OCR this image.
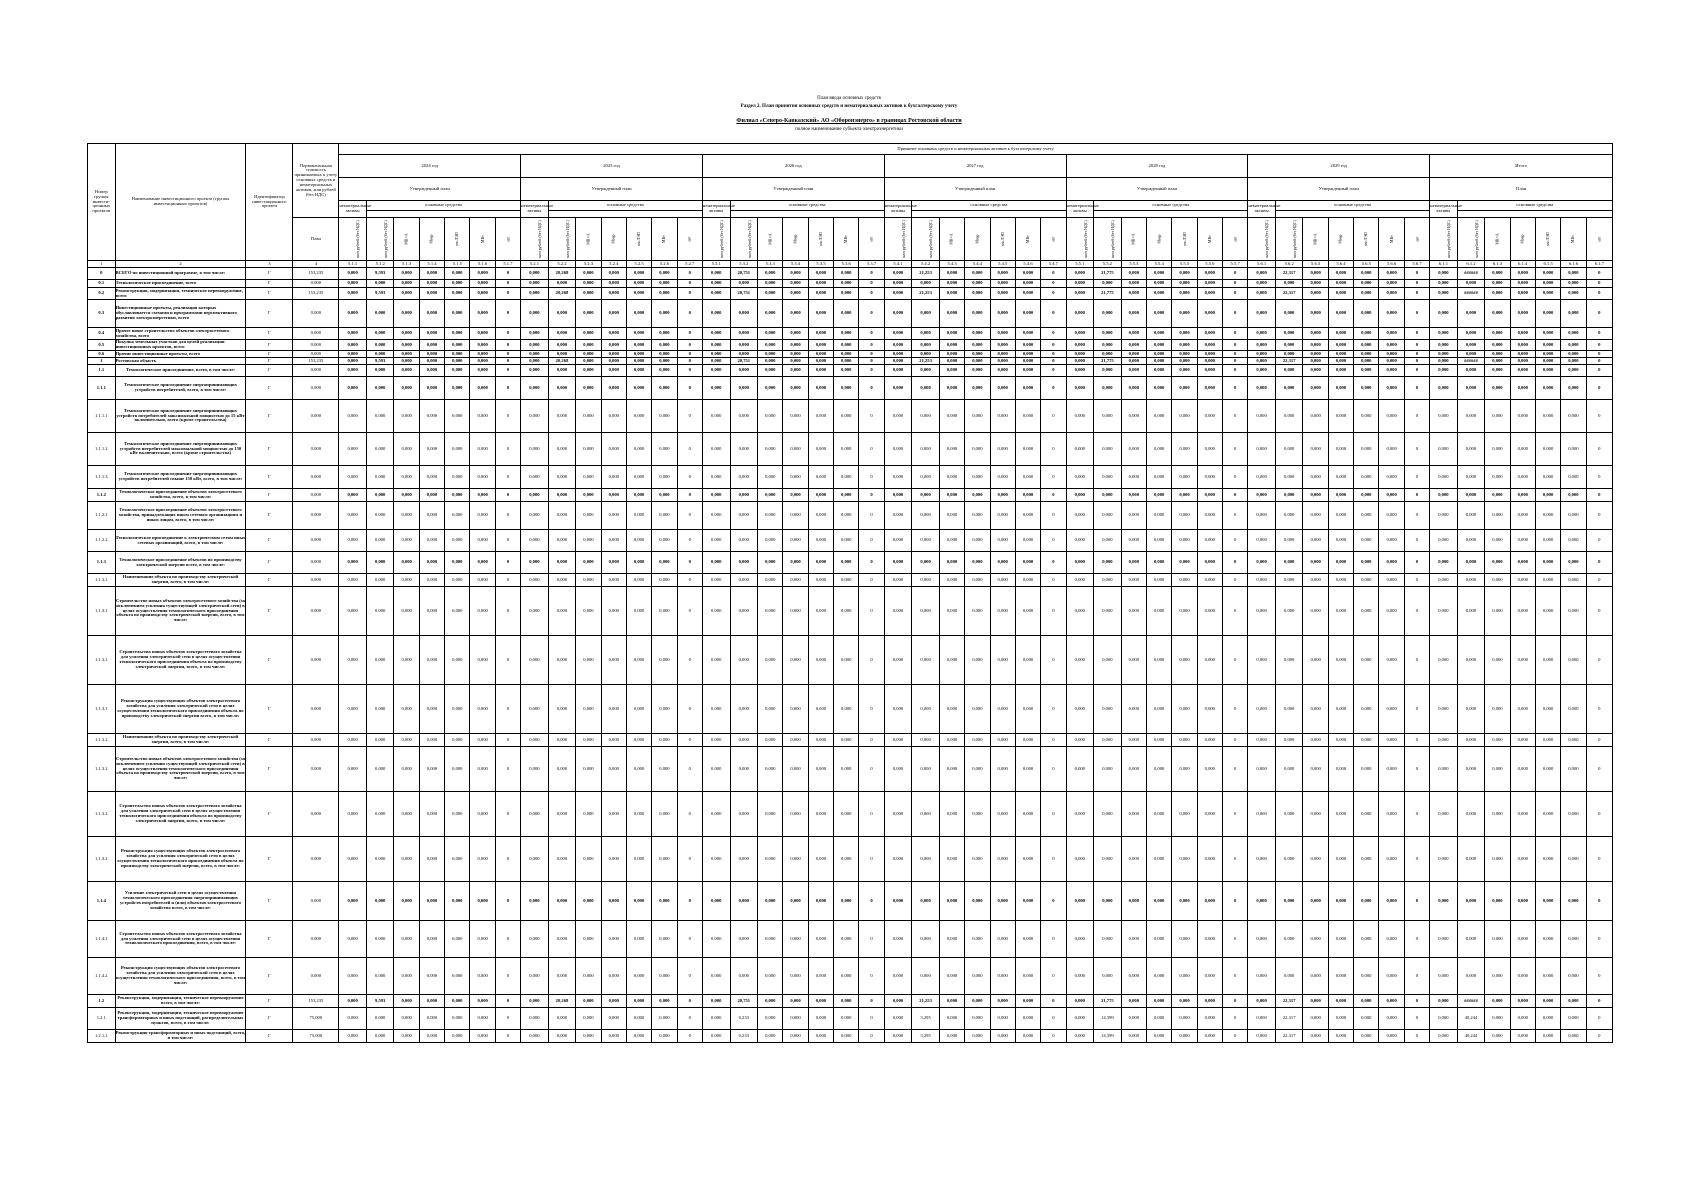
План ввода основных средств
Раздел 2. План принятия основных средств и нематериальных активов к бухгалтерскому учету
Филиал «Северо-Кавказский» АО «Оборонэнерго» в границах Ростовской области
полное наименование субъекта электроэнергетики
Номер группы инвести-ционных проектов	Наименование инвестиционного проекта (группы инвестиционных проектов)	Идентификатор инвестиционного проекта	Первоначальная стоимость принимаемых к учету основных средств и нематериальных активов, млн рублей (без НДС)	Принятие основных средств и нематериальных активов к бухгалтерскому учету																																																
				2024 год							2025 год							2026 год							2027 год							2028 год							2029 год							Итого						
				Утвержденный план							Утвержденный план							Утвержденный план							Утвержденный план							Утвержденный план							Утвержденный план							План						
				нематериальные активы	основные средства						нематериальные активы	основные средства						нематериальные активы	основные средства						нематериальные активы	основные средства						нематериальные активы	основные средства						нематериальные активы	основные средства						нематериальные активы	основные средства					

			План	млн рублей (без НДС)	млн рублей (без НДС)	МВ×А	Мвар	км ЛЭП	МВт	шт	млн рублей (без НДС)	млн рублей (без НДС)	МВ×А	Мвар	км ЛЭП	МВт	шт	млн рублей (без НДС)	млн рублей (без НДС)	МВ×А	Мвар	км ЛЭП	МВт	шт	млн рублей (без НДС)	млн рублей (без НДС)	МВ×А	Мвар	км ЛЭП	МВт	шт	млн рублей (без НДС)	млн рублей (без НДС)	МВ×А	Мвар	км ЛЭП	МВт	шт	млн рублей (без НДС)	млн рублей (без НДС)	МВ×А	Мвар	км ЛЭП	МВт	шт	млн рублей (без НДС)	млн рублей (без НДС)	МВ×А	Мвар	км ЛЭП	МВт	шт
1	2	3	4	5.1.1	5.1.2	5.1.3	5.1.4	5.1.5	5.1.6	5.1.7	5.2.1	5.2.2	5.2.3	5.2.4	5.2.5	5.2.6	5.2.7	5.3.1	5.3.2	5.3.3	5.3.4	5.3.5	5.3.6	5.3.7	5.4.1	5.4.2	5.4.3	5.4.4	5.4.5	5.4.6	5.4.7	5.5.1	5.5.2	5.5.3	5.5.4	5.5.5	5.5.6	5.5.7	5.6.1	5.6.2	5.6.3	5.6.4	5.6.5	5.6.6	5.6.7	6.1.1	6.1.2	6.1.3	6.1.4	6.1.5	6.1.6	6.1.7
0	ВСЕГО по инвестиционной программе, в том числе:	Г	153,235	0,000	9,593	0,000	0,000	0,000	0,000	0	0,000	20,268	0,000	0,000	0,000	0,000	0	0,000	20,751	0,000	0,000	0,000	0,000	0	0,000	21,253	0,000	0,000	0,000	0,000	0	0,000	21,775	0,000	0,000	0,000	0,000	0	0,000	22,317	0,000	0,000	0,000	0,000	0	0,000	######	0,000	0,000	0,000	0,000	0
0.1	Технологическое присоединение, всего	Г	0,000	0,000	0,000	0,000	0,000	0,000	0,000	0	0,000	0,000	0,000	0,000	0,000	0,000	0	0,000	0,000	0,000	0,000	0,000	0,000	0	0,000	0,000	0,000	0,000	0,000	0,000	0	0,000	0,000	0,000	0,000	0,000	0,000	0	0,000	0,000	0,000	0,000	0,000	0,000	0	0,000	0,000	0,000	0,000	0,000	0,000	0
0.2	Реконструкция, модернизация, техническое перевооружение, всего	Г	153,235	0,000	9,593	0,000	0,000	0,000	0,000	0	0,000	20,268	0,000	0,000	0,000	0,000	0	0,000	20,751	0,000	0,000	0,000	0,000	0	0,000	21,253	0,000	0,000	0,000	0,000	0	0,000	21,775	0,000	0,000	0,000	0,000	0	0,000	22,317	0,000	0,000	0,000	0,000	0	0,000	######	0,000	0,000	0,000	0,000	0
0.3	Инвестиционные проекты, реализация которых обуславливается схемами и программами перспективного развития электроэнергетики, всего	Г	0,000	0,000	0,000	0,000	0,000	0,000	0,000	0	0,000	0,000	0,000	0,000	0,000	0,000	0	0,000	0,000	0,000	0,000	0,000	0,000	0	0,000	0,000	0,000	0,000	0,000	0,000	0	0,000	0,000	0,000	0,000	0,000	0,000	0	0,000	0,000	0,000	0,000	0,000	0,000	0	0,000	0,000	0,000	0,000	0,000	0,000	0
0.4	Прочее новое строительство объектов электросетевого хозяйства, всего	Г	0,000	0,000	0,000	0,000	0,000	0,000	0,000	0	0,000	0,000	0,000	0,000	0,000	0,000	0	0,000	0,000	0,000	0,000	0,000	0,000	0	0,000	0,000	0,000	0,000	0,000	0,000	0	0,000	0,000	0,000	0,000	0,000	0,000	0	0,000	0,000	0,000	0,000	0,000	0,000	0	0,000	0,000	0,000	0,000	0,000	0,000	0
0.5	Покупка земельных участков для целей реализации инвестиционных проектов, всего	Г	0,000	0,000	0,000	0,000	0,000	0,000	0,000	0	0,000	0,000	0,000	0,000	0,000	0,000	0	0,000	0,000	0,000	0,000	0,000	0,000	0	0,000	0,000	0,000	0,000	0,000	0,000	0	0,000	0,000	0,000	0,000	0,000	0,000	0	0,000	0,000	0,000	0,000	0,000	0,000	0	0,000	0,000	0,000	0,000	0,000	0,000	0
0.6	Прочие инвестиционные проекты, всего	Г	0,000	0,000	0,000	0,000	0,000	0,000	0,000	0	0,000	0,000	0,000	0,000	0,000	0,000	0	0,000	0,000	0,000	0,000	0,000	0,000	0	0,000	0,000	0,000	0,000	0,000	0,000	0	0,000	0,000	0,000	0,000	0,000	0,000	0	0,000	0,000	0,000	0,000	0,000	0,000	0	0,000	0,000	0,000	0,000	0,000	0,000	0
1	Ростовская область	Г	153,235	0,000	9,593	0,000	0,000	0,000	0,000	0	0,000	20,268	0,000	0,000	0,000	0,000	0	0,000	20,751	0,000	0,000	0,000	0,000	0	0,000	21,253	0,000	0,000	0,000	0,000	0	0,000	21,775	0,000	0,000	0,000	0,000	0	0,000	22,317	0,000	0,000	0,000	0,000	0	0,000	######	0,000	0,000	0,000	0,000	0
1.1	Технологическое присоединение, всего, в том числе:	Г	0,000	0,000	0,000	0,000	0,000	0,000	0,000	0	0,000	0,000	0,000	0,000	0,000	0,000	0	0,000	0,000	0,000	0,000	0,000	0,000	0	0,000	0,000	0,000	0,000	0,000	0,000	0	0,000	0,000	0,000	0,000	0,000	0,000	0	0,000	0,000	0,000	0,000	0,000	0,000	0	0,000	0,000	0,000	0,000	0,000	0,000	0
1.1.1	Технологическое присоединение энергопринимающих устройств потребителей, всего, в том числе:	Г	0,000	0,000	0,000	0,000	0,000	0,000	0,000	0	0,000	0,000	0,000	0,000	0,000	0,000	0	0,000	0,000	0,000	0,000	0,000	0,000	0	0,000	0,000	0,000	0,000	0,000	0,000	0	0,000	0,000	0,000	0,000	0,000	0,000	0	0,000	0,000	0,000	0,000	0,000	0,000	0	0,000	0,000	0,000	0,000	0,000	0,000	0
1.1.1.1	Технологическое присоединение энергопринимающих устройств потребителей максимальной мощностью до 15 кВт включительно, всего (кроме строительства)	Г	0,000	0,000	0,000	0,000	0,000	0,000	0,000	0	0,000	0,000	0,000	0,000	0,000	0,000	0	0,000	0,000	0,000	0,000	0,000	0,000	0	0,000	0,000	0,000	0,000	0,000	0,000	0	0,000	0,000	0,000	0,000	0,000	0,000	0	0,000	0,000	0,000	0,000	0,000	0,000	0	0,000	0,000	0,000	0,000	0,000	0,000	0
1.1.1.2	Технологическое присоединение энергопринимающих устройств потребителей максимальной мощностью до 150 кВт включительно, всего (кроме строительства)	Г	0,000	0,000	0,000	0,000	0,000	0,000	0,000	0	0,000	0,000	0,000	0,000	0,000	0,000	0	0,000	0,000	0,000	0,000	0,000	0,000	0	0,000	0,000	0,000	0,000	0,000	0,000	0	0,000	0,000	0,000	0,000	0,000	0,000	0	0,000	0,000	0,000	0,000	0,000	0,000	0	0,000	0,000	0,000	0,000	0,000	0,000	0
1.1.1.3	Технологическое присоединение энергопринимающих устройств потребителей свыше 150 кВт, всего, в том числе:	Г	0,000	0,000	0,000	0,000	0,000	0,000	0,000	0	0,000	0,000	0,000	0,000	0,000	0,000	0	0,000	0,000	0,000	0,000	0,000	0,000	0	0,000	0,000	0,000	0,000	0,000	0,000	0	0,000	0,000	0,000	0,000	0,000	0,000	0	0,000	0,000	0,000	0,000	0,000	0,000	0	0,000	0,000	0,000	0,000	0,000	0,000	0
1.1.2	Технологическое присоединение объектов электросетевого хозяйства, всего, в том числе:	Г	0,000	0,000	0,000	0,000	0,000	0,000	0,000	0	0,000	0,000	0,000	0,000	0,000	0,000	0	0,000	0,000	0,000	0,000	0,000	0,000	0	0,000	0,000	0,000	0,000	0,000	0,000	0	0,000	0,000	0,000	0,000	0,000	0,000	0	0,000	0,000	0,000	0,000	0,000	0,000	0	0,000	0,000	0,000	0,000	0,000	0,000	0
1.1.2.1	Технологическое присоединение объектов электросетевого хозяйства, принадлежащих иным сетевым организациям и иным лицам, всего, в том числе:	Г	0,000	0,000	0,000	0,000	0,000	0,000	0,000	0	0,000	0,000	0,000	0,000	0,000	0,000	0	0,000	0,000	0,000	0,000	0,000	0,000	0	0,000	0,000	0,000	0,000	0,000	0,000	0	0,000	0,000	0,000	0,000	0,000	0,000	0	0,000	0,000	0,000	0,000	0,000	0,000	0	0,000	0,000	0,000	0,000	0,000	0,000	0
1.1.2.2	Технологическое присоединение к электрическим сетям иных сетевых организаций, всего, в том числе:	Г	0,000	0,000	0,000	0,000	0,000	0,000	0,000	0	0,000	0,000	0,000	0,000	0,000	0,000	0	0,000	0,000	0,000	0,000	0,000	0,000	0	0,000	0,000	0,000	0,000	0,000	0,000	0	0,000	0,000	0,000	0,000	0,000	0,000	0	0,000	0,000	0,000	0,000	0,000	0,000	0	0,000	0,000	0,000	0,000	0,000	0,000	0
1.1.3	Технологическое присоединение объектов по производству электрической энергии всего, в том числе:	Г	0,000	0,000	0,000	0,000	0,000	0,000	0,000	0	0,000	0,000	0,000	0,000	0,000	0,000	0	0,000	0,000	0,000	0,000	0,000	0,000	0	0,000	0,000	0,000	0,000	0,000	0,000	0	0,000	0,000	0,000	0,000	0,000	0,000	0	0,000	0,000	0,000	0,000	0,000	0,000	0	0,000	0,000	0,000	0,000	0,000	0,000	0
1.1.3.1	Наименование объекта по производству электрической энергии, всего, в том числе:	Г	0,000	0,000	0,000	0,000	0,000	0,000	0,000	0	0,000	0,000	0,000	0,000	0,000	0,000	0	0,000	0,000	0,000	0,000	0,000	0,000	0	0,000	0,000	0,000	0,000	0,000	0,000	0	0,000	0,000	0,000	0,000	0,000	0,000	0	0,000	0,000	0,000	0,000	0,000	0,000	0	0,000	0,000	0,000	0,000	0,000	0,000	0
1.1.3.1	Строительство новых объектов электросетевого хозяйства (за исключением усиления существующей электрической сети) в целях осуществления технологического присоединения объекта по производству электрической энергии, всего, в том числе:	Г	0,000	0,000	0,000	0,000	0,000	0,000	0,000	0	0,000	0,000	0,000	0,000	0,000	0,000	0	0,000	0,000	0,000	0,000	0,000	0,000	0	0,000	0,000	0,000	0,000	0,000	0,000	0	0,000	0,000	0,000	0,000	0,000	0,000	0	0,000	0,000	0,000	0,000	0,000	0,000	0	0,000	0,000	0,000	0,000	0,000	0,000	0
1.1.3.1	Строительство новых объектов электросетевого хозяйства для усиления электрической сети в целях осуществления технологического присоединения объекта по производству электрической энергии, всего, в том числе:	Г	0,000	0,000	0,000	0,000	0,000	0,000	0,000	0	0,000	0,000	0,000	0,000	0,000	0,000	0	0,000	0,000	0,000	0,000	0,000	0,000	0	0,000	0,000	0,000	0,000	0,000	0,000	0	0,000	0,000	0,000	0,000	0,000	0,000	0	0,000	0,000	0,000	0,000	0,000	0,000	0	0,000	0,000	0,000	0,000	0,000	0,000	0
1.1.3.1	Реконструкция существующих объектов электросетевого хозяйства для усиления электрической сети в целях осуществления технологического присоединения объекта по производству электрической энергии всего, в том числе:	Г	0,000	0,000	0,000	0,000	0,000	0,000	0,000	0	0,000	0,000	0,000	0,000	0,000	0,000	0	0,000	0,000	0,000	0,000	0,000	0,000	0	0,000	0,000	0,000	0,000	0,000	0,000	0	0,000	0,000	0,000	0,000	0,000	0,000	0	0,000	0,000	0,000	0,000	0,000	0,000	0	0,000	0,000	0,000	0,000	0,000	0,000	0
1.1.3.2	Наименование объекта по производству электрической энергии, всего, в том числе:	Г	0,000	0,000	0,000	0,000	0,000	0,000	0,000	0	0,000	0,000	0,000	0,000	0,000	0,000	0	0,000	0,000	0,000	0,000	0,000	0,000	0	0,000	0,000	0,000	0,000	0,000	0,000	0	0,000	0,000	0,000	0,000	0,000	0,000	0	0,000	0,000	0,000	0,000	0,000	0,000	0	0,000	0,000	0,000	0,000	0,000	0,000	0
1.1.3.2	Строительство новых объектов электросетевого хозяйства (за исключением усиления существующей электрической сети) в целях осуществления технологического присоединения объекта по производству электрической энергии, всего, в том числе:	Г	0,000	0,000	0,000	0,000	0,000	0,000	0,000	0	0,000	0,000	0,000	0,000	0,000	0,000	0	0,000	0,000	0,000	0,000	0,000	0,000	0	0,000	0,000	0,000	0,000	0,000	0,000	0	0,000	0,000	0,000	0,000	0,000	0,000	0	0,000	0,000	0,000	0,000	0,000	0,000	0	0,000	0,000	0,000	0,000	0,000	0,000	0
1.1.3.2	Строительство новых объектов электросетевого хозяйства для усиления электрической сети в целях осуществления технологического присоединения объекта по производству электрической энергии, всего, в том числе:	Г	0,000	0,000	0,000	0,000	0,000	0,000	0,000	0	0,000	0,000	0,000	0,000	0,000	0,000	0	0,000	0,000	0,000	0,000	0,000	0,000	0	0,000	0,000	0,000	0,000	0,000	0,000	0	0,000	0,000	0,000	0,000	0,000	0,000	0	0,000	0,000	0,000	0,000	0,000	0,000	0	0,000	0,000	0,000	0,000	0,000	0,000	0
1.1.3.2	Реконструкция существующих объектов электросетевого хозяйства для усиления электрической сети в целях осуществления технологического присоединения объекта по производству электрической энергии, всего, в том числе:	Г	0,000	0,000	0,000	0,000	0,000	0,000	0,000	0	0,000	0,000	0,000	0,000	0,000	0,000	0	0,000	0,000	0,000	0,000	0,000	0,000	0	0,000	0,000	0,000	0,000	0,000	0,000	0	0,000	0,000	0,000	0,000	0,000	0,000	0	0,000	0,000	0,000	0,000	0,000	0,000	0	0,000	0,000	0,000	0,000	0,000	0,000	0
1.1.4	Усиление электрической сети в целях осуществления технологического присоединения энергопринимающих устройств потребителей и (или) объектов электросетевого хозяйства всего, в том числе:	Г	0,000	0,000	0,000	0,000	0,000	0,000	0,000	0	0,000	0,000	0,000	0,000	0,000	0,000	0	0,000	0,000	0,000	0,000	0,000	0,000	0	0,000	0,000	0,000	0,000	0,000	0,000	0	0,000	0,000	0,000	0,000	0,000	0,000	0	0,000	0,000	0,000	0,000	0,000	0,000	0	0,000	0,000	0,000	0,000	0,000	0,000	0
1.1.4.1	Строительство новых объектов электросетевого хозяйства для усиления электрической сети в целях осуществления технологического присоединения, всего, в том числе:	Г	0,000	0,000	0,000	0,000	0,000	0,000	0,000	0	0,000	0,000	0,000	0,000	0,000	0,000	0	0,000	0,000	0,000	0,000	0,000	0,000	0	0,000	0,000	0,000	0,000	0,000	0,000	0	0,000	0,000	0,000	0,000	0,000	0,000	0	0,000	0,000	0,000	0,000	0,000	0,000	0	0,000	0,000	0,000	0,000	0,000	0,000	0
1.1.4.2	Реконструкция существующих объектов электросетевого хозяйства для усиления электрической сети в целях осуществления технологического присоединения, всего, в том числе:	Г	0,000	0,000	0,000	0,000	0,000	0,000	0,000	0	0,000	0,000	0,000	0,000	0,000	0,000	0	0,000	0,000	0,000	0,000	0,000	0,000	0	0,000	0,000	0,000	0,000	0,000	0,000	0	0,000	0,000	0,000	0,000	0,000	0,000	0	0,000	0,000	0,000	0,000	0,000	0,000	0	0,000	0,000	0,000	0,000	0,000	0,000	0
1.2	Реконструкция, модернизация, техническое перевооружение всего, в том числе:	Г	153,235	0,000	9,593	0,000	0,000	0,000	0,000	0	0,000	20,268	0,000	0,000	0,000	0,000	0	0,000	20,751	0,000	0,000	0,000	0,000	0	0,000	21,253	0,000	0,000	0,000	0,000	0	0,000	21,775	0,000	0,000	0,000	0,000	0	0,000	22,317	0,000	0,000	0,000	0,000	0	0,000	######	0,000	0,000	0,000	0,000	0
1.2.1	Реконструкция, модернизация, техническое перевооружение трансформаторных и иных подстанций, распределительных пунктов, всего, в том числе:	Г	75,000	0,000	0,000	0,000	0,000	0,000	0,000	0	0,000	0,000	0,000	0,000	0,000	0,000	0	0,000	0,233	0,000	0,000	0,000	0,000	0	0,000	3,295	0,000	0,000	0,000	0,000	0	0,000	14,399	0,000	0,000	0,000	0,000	0	0,000	22,317	0,000	0,000	0,000	0,000	0	0,000	40,244	0,000	0,000	0,000	0,000	0
1.2.1.1	Реконструкция трансформаторных и иных подстанций, всего, в том числе:	Г	75,000	0,000	0,000	0,000	0,000	0,000	0,000	0	0,000	0,000	0,000	0,000	0,000	0,000	0	0,000	0,233	0,000	0,000	0,000	0,000	0	0,000	3,295	0,000	0,000	0,000	0,000	0	0,000	14,399	0,000	0,000	0,000	0,000	0	0,000	22,317	0,000	0,000	0,000	0,000	0	0,000	40,244	0,000	0,000	0,000	0,000	0
